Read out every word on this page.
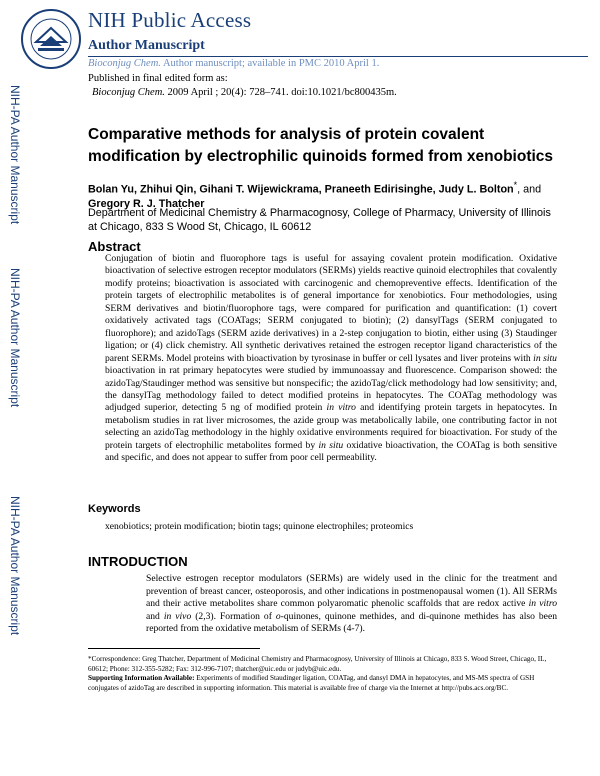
NIH Public Access
Author Manuscript
Bioconjug Chem. Author manuscript; available in PMC 2010 April 1.
Published in final edited form as:
Bioconjug Chem. 2009 April ; 20(4): 728–741. doi:10.1021/bc800435m.
NIH-PA Author Manuscript
NIH-PA Author Manuscript
NIH-PA Author Manuscript
Comparative methods for analysis of protein covalent modification by electrophilic quinoids formed from xenobiotics
Bolan Yu, Zhihui Qin, Gihani T. Wijewickrama, Praneeth Edirisinghe, Judy L. Bolton*, and
Gregory R. J. Thatcher
Department of Medicinal Chemistry & Pharmacognosy, College of Pharmacy, University of Illinois at Chicago, 833 S Wood St, Chicago, IL 60612
Abstract
Conjugation of biotin and fluorophore tags is useful for assaying covalent protein modification. Oxidative bioactivation of selective estrogen receptor modulators (SERMs) yields reactive quinoid electrophiles that covalently modify proteins; bioactivation is associated with carcinogenic and chemopreventive effects. Identification of the protein targets of electrophilic metabolites is of general importance for xenobiotics. Four methodologies, using SERM derivatives and biotin/fluorophore tags, were compared for purification and quantification: (1) covert oxidatively activated tags (COATags; SERM conjugated to biotin); (2) dansylTags (SERM conjugated to fluorophore); and azidoTags (SERM azide derivatives) in a 2-step conjugation to biotin, either using (3) Staudinger ligation; or (4) click chemistry. All synthetic derivatives retained the estrogen receptor ligand characteristics of the parent SERMs. Model proteins with bioactivation by tyrosinase in buffer or cell lysates and liver proteins with in situ bioactivation in rat primary hepatocytes were studied by immunoassay and fluorescence. Comparison showed: the azidoTag/Staudinger method was sensitive but nonspecific; the azidoTag/click methodology had low sensitivity; and, the dansylTag methodology failed to detect modified proteins in hepatocytes. The COATag methodology was adjudged superior, detecting 5 ng of modified protein in vitro and identifying protein targets in hepatocytes. In metabolism studies in rat liver microsomes, the azide group was metabolically labile, one contributing factor in not selecting an azidoTag methodology in the highly oxidative environments required for bioactivation. For study of the protein targets of electrophilic metabolites formed by in situ oxidative bioactivation, the COATag is both sensitive and specific, and does not appear to suffer from poor cell permeability.
Keywords
xenobiotics; protein modification; biotin tags; quinone electrophiles; proteomics
INTRODUCTION
Selective estrogen receptor modulators (SERMs) are widely used in the clinic for the treatment and prevention of breast cancer, osteoporosis, and other indications in postmenopausal women (1). All SERMs and their active metabolites share common polyaromatic phenolic scaffolds that are redox active in vitro and in vivo (2,3). Formation of o-quinones, quinone methides, and di-quinone methides has also been reported from the oxidative metabolism of SERMs (4-7).
*Correspondence: Greg Thatcher, Department of Medicinal Chemistry and Pharmacognosy, University of Illinois at Chicago, 833 S. Wood Street, Chicago, IL, 60612; Phone: 312-355-5282; Fax: 312-996-7107; thatcher@uic.edu or judyb@uic.edu.
Supporting Information Available: Experiments of modified Staudinger ligation, COATag, and dansyl DMA in hepatocytes, and MS-MS spectra of GSH conjugates of azidoTag are described in supporting information. This material is available free of charge via the Internet at http://pubs.acs.org/BC.
